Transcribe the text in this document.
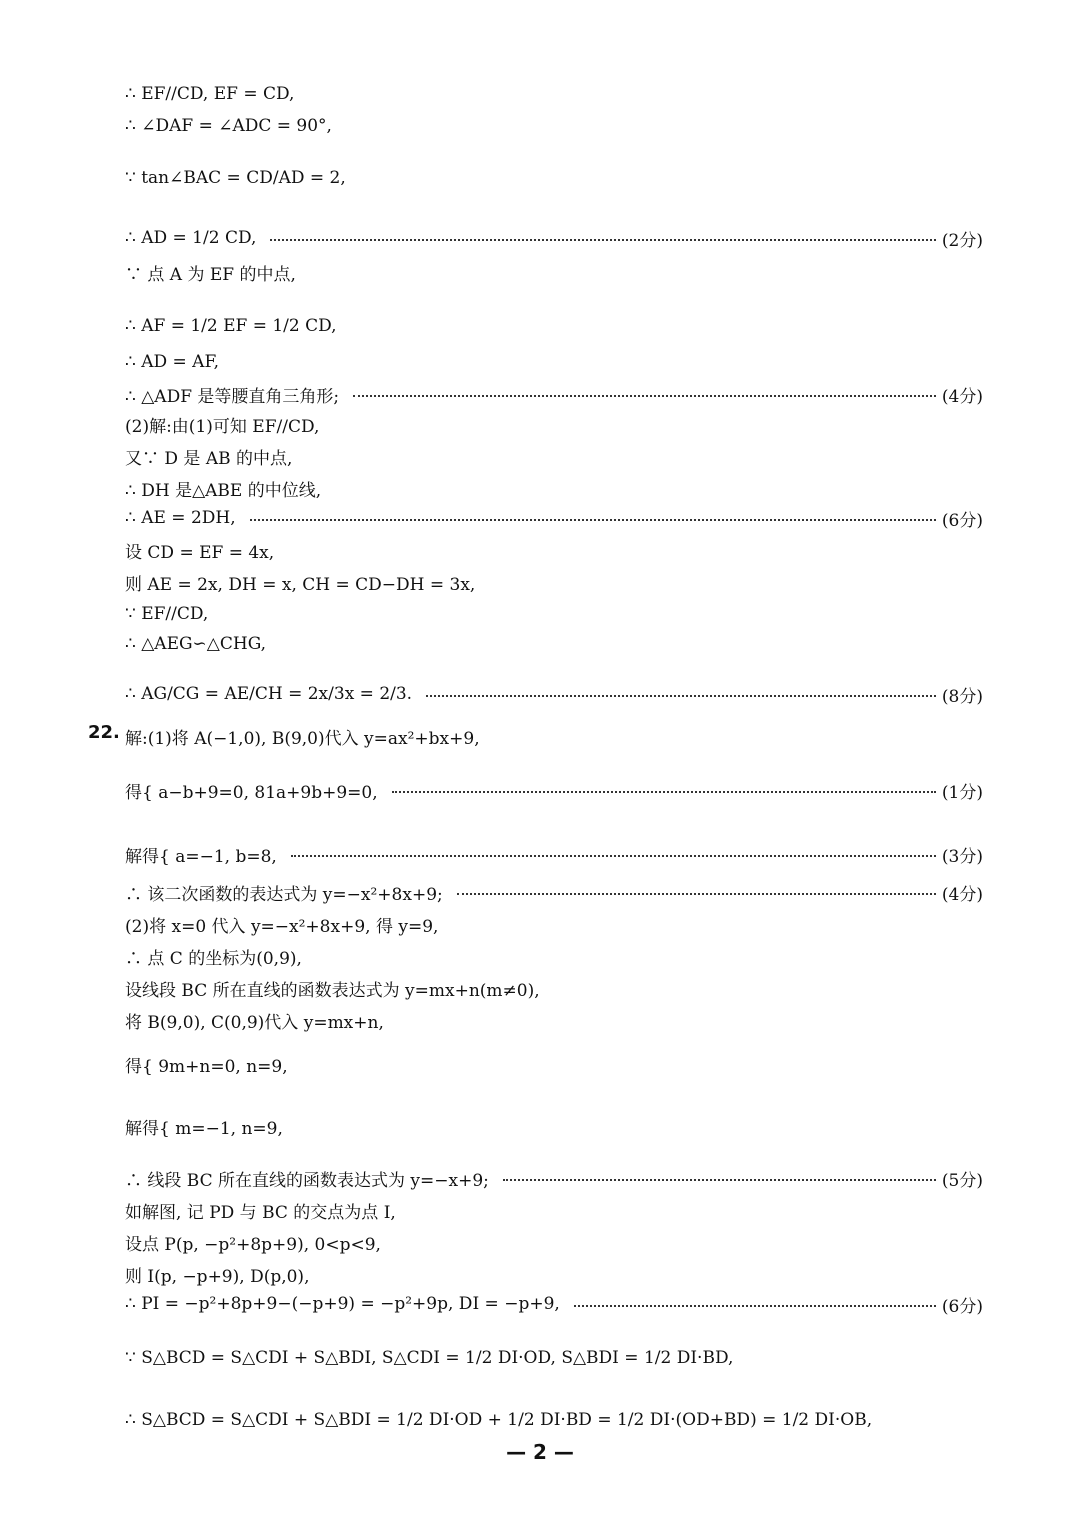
22.
— 2 —
∴ EF//CD, EF = CD,
∴ ∠DAF = ∠ADC = 90°,
∵ tan∠BAC = CD/AD = 2,
∴ AD = 1/2 CD,	(2分)
∵ 点 A 为 EF 的中点,
∴ AF = 1/2 EF = 1/2 CD,
∴ AD = AF,
∴ △ADF 是等腰直角三角形;	(4分)
(2)解:由(1)可知 EF//CD,
又∵ D 是 AB 的中点,
∴ DH 是△ABE 的中位线,
∴ AE = 2DH,	(6分)
设 CD = EF = 4x,
则 AE = 2x, DH = x, CH = CD−DH = 3x,
∵ EF//CD,
∴ △AEG∽△CHG,
∴ AG/CG = AE/CH = 2x/3x = 2/3.	(8分)
解:(1)将 A(−1,0), B(9,0)代入 y=ax²+bx+9,
得{ a−b+9=0, 81a+9b+9=0,	(1分)
解得{ a=−1, b=8,	(3分)
∴ 该二次函数的表达式为 y=−x²+8x+9;	(4分)
(2)将 x=0 代入 y=−x²+8x+9, 得 y=9,
∴ 点 C 的坐标为(0,9),
设线段 BC 所在直线的函数表达式为 y=mx+n(m≠0),
将 B(9,0), C(0,9)代入 y=mx+n,
得{ 9m+n=0, n=9,
解得{ m=−1, n=9,
∴ 线段 BC 所在直线的函数表达式为 y=−x+9;	(5分)
如解图, 记 PD 与 BC 的交点为点 I,
设点 P(p, −p²+8p+9), 0<p<9,
则 I(p, −p+9), D(p,0),
∴ PI = −p²+8p+9−(−p+9) = −p²+9p, DI = −p+9,	(6分)
∵ S△BCD = S△CDI + S△BDI, S△CDI = 1/2 DI·OD, S△BDI = 1/2 DI·BD,
∴ S△BCD = S△CDI + S△BDI = 1/2 DI·OD + 1/2 DI·BD = 1/2 DI·(OD+BD) = 1/2 DI·OB,
